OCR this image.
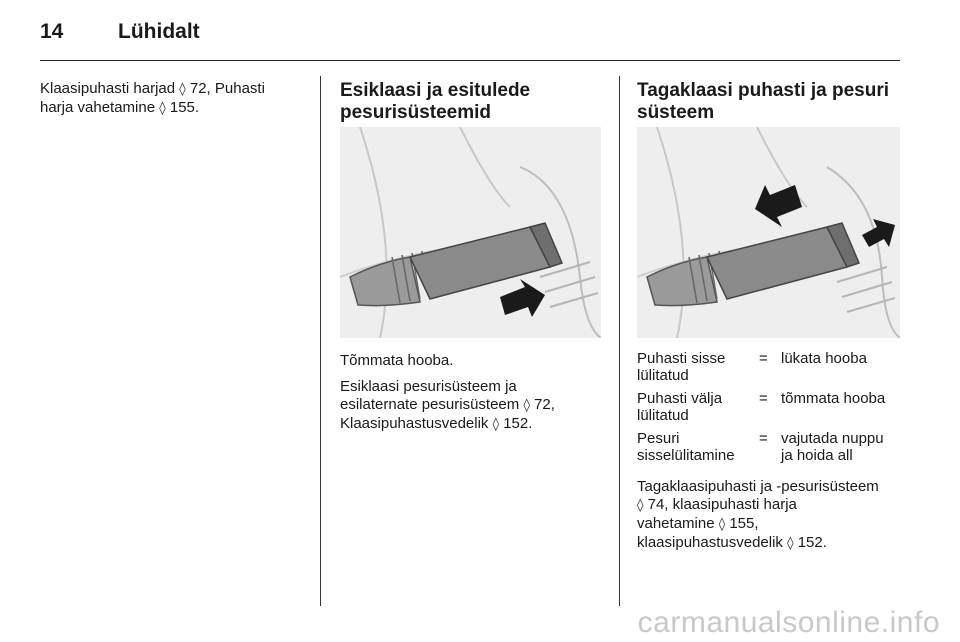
14	Lühidalt

Klaasipuhasti harjad ◊ 72, Puhasti
harja vahetamine ◊ 155.

Esiklaasi ja esitulede
pesurisüsteemid

Tõmmata hooba.

Esiklaasi pesurisüsteem ja
esilaternate pesurisüsteem ◊ 72,
Klaasipuhastusvedelik ◊ 152.

Tagaklaasi puhasti ja pesuri
süsteem
Puhasti sisse
lülitatud	=	lükata hooba
Puhasti välja
lülitatud	=	tõmmata hooba
Pesuri
sisselülitamine	=	vajutada nuppu
ja hoida all

Tagaklaasipuhasti ja -pesurisüsteem
◊ 74, klaasipuhasti harja
vahetamine ◊ 155,
klaasipuhastusvedelik ◊ 152.

carmanualsonline.info
